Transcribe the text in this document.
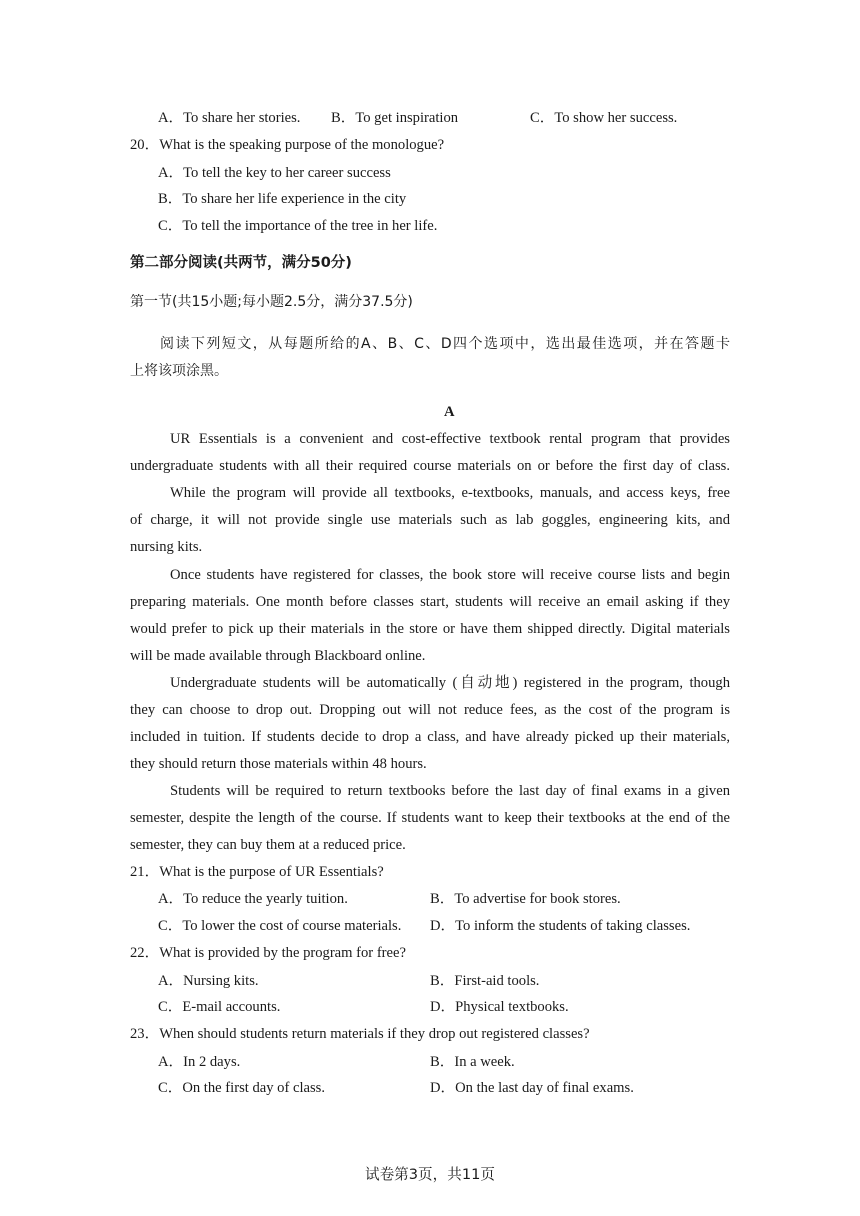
A．To share her stories. B．To get inspiration	C．To show her success.
20．What is the speaking purpose of the monologue?
A．To tell the key to her career success
B．To share her life experience in the city
C．To tell the importance of the tree in her life.
第二部分阅读(共两节，满分50分)
第一节(共15小题;每小题2.5分，满分37.5分)
阅读下列短文，从每题所给的A、B、C、D四个选项中，选出最佳选项，并在答题卡
上将该项涂黑。
A
UR Essentials is a convenient and cost-effective textbook rental program that provides
undergraduate students with all their required course materials on or before the first day of class.
While the program will provide all textbooks, e-textbooks, manuals, and access keys, free
of charge, it will not provide single use materials such as lab goggles, engineering kits, and
nursing kits.
Once students have registered for classes, the book store will receive course lists and begin
preparing materials. One month before classes start, students will receive an email asking if they
would prefer to pick up their materials in the store or have them shipped directly. Digital materials
will be made available through Blackboard online.
Undergraduate students will be automatically (自动地) registered in the program, though
they can choose to drop out. Dropping out will not reduce fees, as the cost of the program is
included in tuition. If students decide to drop a class, and have already picked up their materials,
they should return those materials within 48 hours.
Students will be required to return textbooks before the last day of final exams in a given
semester, despite the length of the course. If students want to keep their textbooks at the end of the
semester, they can buy them at a reduced price.
21．What is the purpose of UR Essentials?
A．To reduce the yearly tuition.	B．To advertise for book stores.
C．To lower the cost of course materials. D．To inform the students of taking classes.
22．What is provided by the program for free?
A．Nursing kits.	B．First-aid tools.
C．E-mail accounts.	D．Physical textbooks.
23．When should students return materials if they drop out registered classes?
A．In 2 days.	B．In a week.
C．On the first day of class.	D．On the last day of final exams.
试卷第3页，共11页
